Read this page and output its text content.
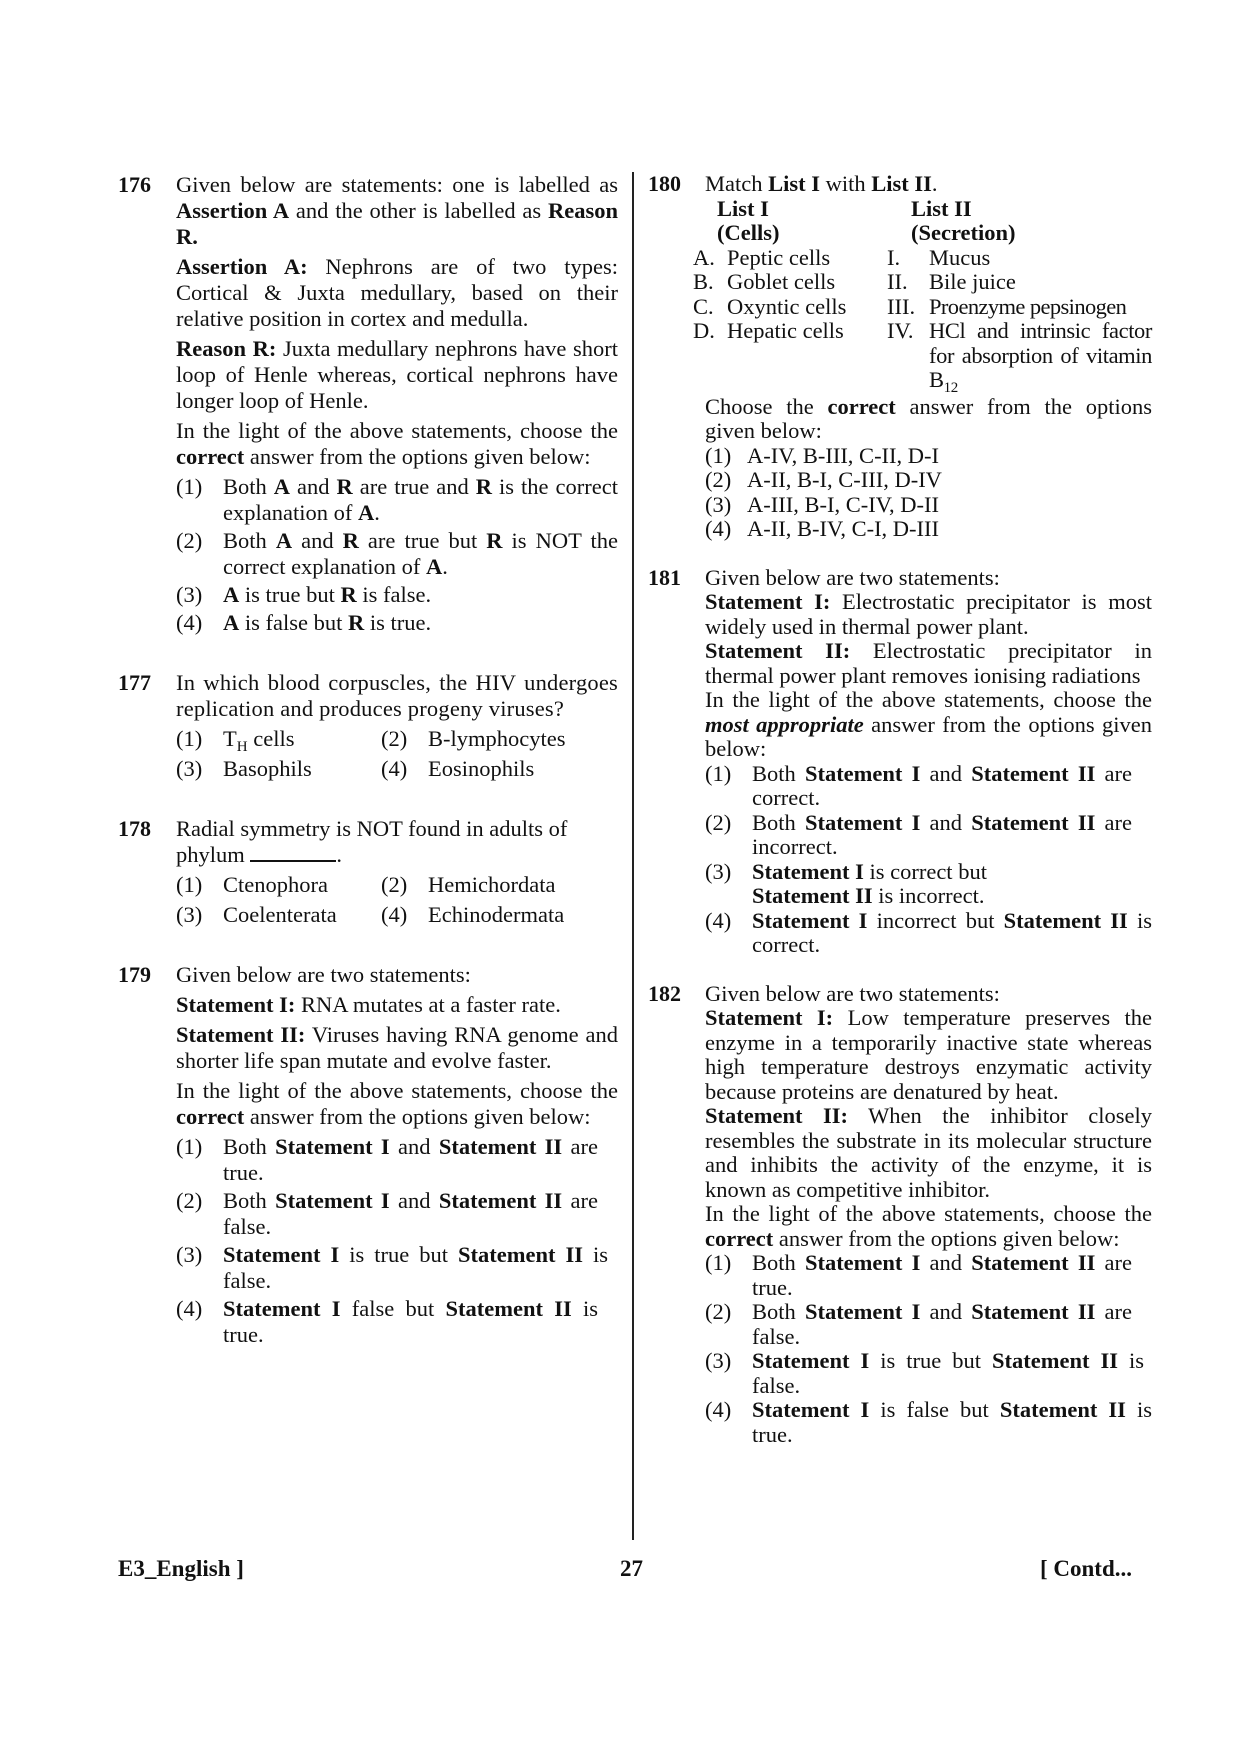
176 Given below are statements: one is labelled as Assertion A and the other is labelled as Reason R.

Assertion A: Nephrons are of two types: Cortical & Juxta medullary, based on their relative position in cortex and medulla.

Reason R: Juxta medullary nephrons have short loop of Henle whereas, cortical nephrons have longer loop of Henle.

In the light of the above statements, choose the correct answer from the options given below:

(1) Both A and R are true and R is the correct explanation of A.
(2) Both A and R are true but R is NOT the correct explanation of A.
(3) A is true but R is false.
(4) A is false but R is true.
177 In which blood corpuscles, the HIV undergoes replication and produces progeny viruses?

(1) $T_H$ cells	(2) B-lymphocytes
(3) Basophils	(4) Eosinophils
178 Radial symmetry is NOT found in adults of phylum	.

(1) Ctenophora	(2) Hemichordata
(3) Coelenterata	(4) Echinodermata
179 Given below are two statements:

Statement I: RNA mutates at a faster rate.

Statement II: Viruses having RNA genome and shorter life span mutate and evolve faster.

In the light of the above statements, choose the correct answer from the options given below:

(1) Both Statement I and Statement II are true.
(2) Both Statement I and Statement II are false.
(3) Statement I is true but Statement II is false.
(4) Statement I false but Statement II is true.
180 Match List I with List II.

List I	List II
(Cells)	(Secretion)
A. Peptic cells	I.	Mucus
B. Goblet cells	II. Bile juice
C. Oxyntic cells	III. Proenzyme pepsinogen
D. Hepatic cells	IV. HCl and intrinsic factor for absorption of vitamin $B_{12}$

Choose the correct answer from the options given below:

(1) A-IV, B-III, C-II, D-I
(2) A-II, B-I, C-III, D-IV
(3) A-III, B-I, C-IV, D-II
(4) A-II, B-IV, C-I, D-III
181 Given below are two statements:

Statement I: Electrostatic precipitator is most widely used in thermal power plant.

Statement II: Electrostatic precipitator in thermal power plant removes ionising radiations

In the light of the above statements, choose the most appropriate answer from the options given below:

(1) Both Statement I and Statement II are correct.
(2) Both Statement I and Statement II are incorrect.
(3) Statement I is correct but Statement II is incorrect.
(4) Statement I incorrect but Statement II is correct.
182 Given below are two statements:

Statement I: Low temperature preserves the enzyme in a temporarily inactive state whereas high temperature destroys enzymatic activity because proteins are denatured by heat.

Statement II: When the inhibitor closely resembles the substrate in its molecular structure and inhibits the activity of the enzyme, it is known as competitive inhibitor.

In the light of the above statements, choose the correct answer from the options given below:

(1) Both Statement I and Statement II are true.
(2) Both Statement I and Statement II are false.
(3) Statement I is true but Statement II is false.
(4) Statement I is false but Statement II is true.
E3_English ]	27	[ Contd...
